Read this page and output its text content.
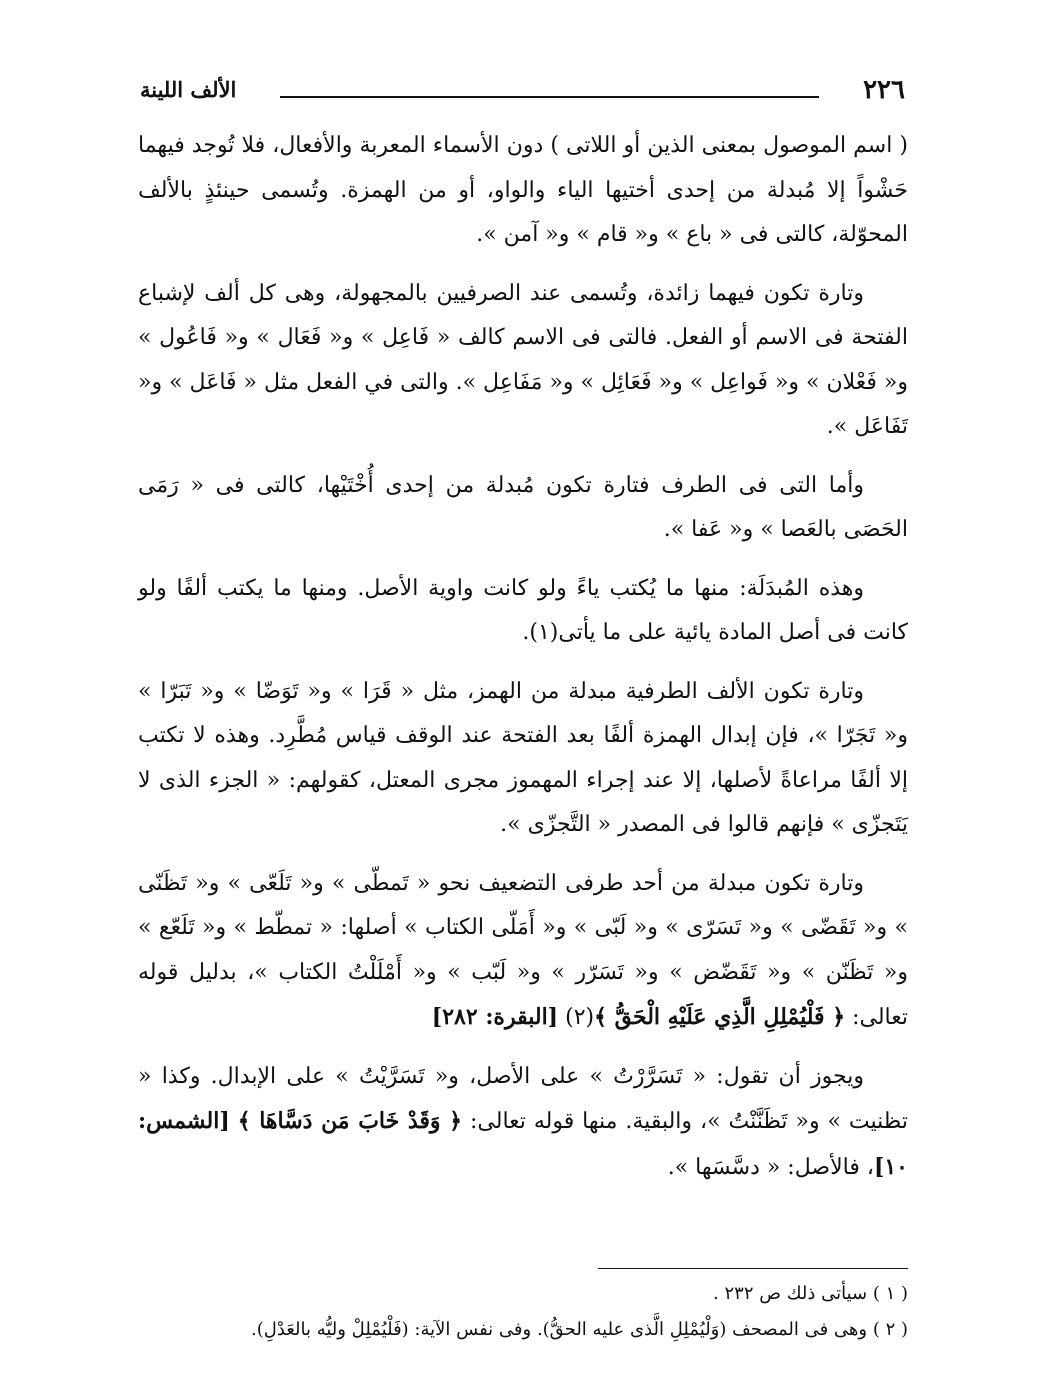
٢٢٦
الألف اللينة

( اسم الموصول بمعنى الذين أو اللاتى ) دون الأسماء المعربة والأفعال، فلا تُوجد فيهما حَشْواً إلا مُبدلة من إحدى أختيها الياء والواو، أو من الهمزة. وتُسمى حينئذٍ بالألف المحوّلة، كالتى فى « باع » و« قام » و« آمن ».

وتارة تكون فيهما زائدة، وتُسمى عند الصرفيين بالمجهولة، وهى كل ألف لإشباع الفتحة فى الاسم أو الفعل. فالتى فى الاسم كالف « فَاعِل » و« فَعَال » و« فَاعُول » و« فَعْلان » و« فَواعِل » و« فَعَائِل » و« مَفَاعِل ». والتى في الفعل مثل « فَاعَل » و« تَفَاعَل ».

وأما التى فى الطرف فتارة تكون مُبدلة من إحدى أُخْتَيْها، كالتى فى « رَمَى الحَصَى بالعَصا » و« عَفا ».

وهذه المُبدَلَة: منها ما يُكتب ياءً ولو كانت واوية الأصل. ومنها ما يكتب ألفًا ولو كانت فى أصل المادة يائية على ما يأتى(١).

وتارة تكون الألف الطرفية مبدلة من الهمز، مثل « قَرَا » و« تَوَضّا » و« تَبَرّا » و« تَجَرّا »، فإن إبدال الهمزة ألفًا بعد الفتحة عند الوقف قياس مُطَّرِد. وهذه لا تكتب إلا ألفًا مراعاةً لأصلها، إلا عند إجراء المهموز مجرى المعتل، كقولهم: « الجزء الذى لا يَتَجزّى » فإنهم قالوا فى المصدر « التَّجزّى ».

وتارة تكون مبدلة من أحد طرفى التضعيف نحو « تَمطّى » و« تَلَعّى » و« تَظَنّى » و« تَقَضّى » و« تَسَرّى » و« لَبّى » و« أَمَلّى الكتاب » أصلها: « تمطّط » و« تَلَعّع » و« تَظَنّن » و« تَقَضّض » و« تَسَرّر » و« لَبّب » و« أَمْلَلْتُ الكتاب »، بدليل قوله تعالى: ﴿ فَلْيُمْلِلِ الَّذِي عَلَيْهِ الْحَقُّ ﴾(٢) [البقرة: ٢٨٢]

ويجوز أن تقول: « تَسَرَّرْتُ » على الأصل، و« تَسَرَّيْتُ » على الإبدال. وكذا « تظنيت » و« تَظَنَّنْتُ »، والبقية. منها قوله تعالى: ﴿ وَقَدْ خَابَ مَن دَسَّاهَا ﴾ [الشمس: ١٠]، فالأصل: « دسَّسَها ».

( ١ ) سيأتى ذلك ص ٢٣٢ .

( ٢ ) وهى فى المصحف (وَلْيُمْلِلِ الَّذى عليه الحقُّ). وفى نفس الآية: (فَلْيُمْلِلْ وليُّه بالعَدْلِ).
